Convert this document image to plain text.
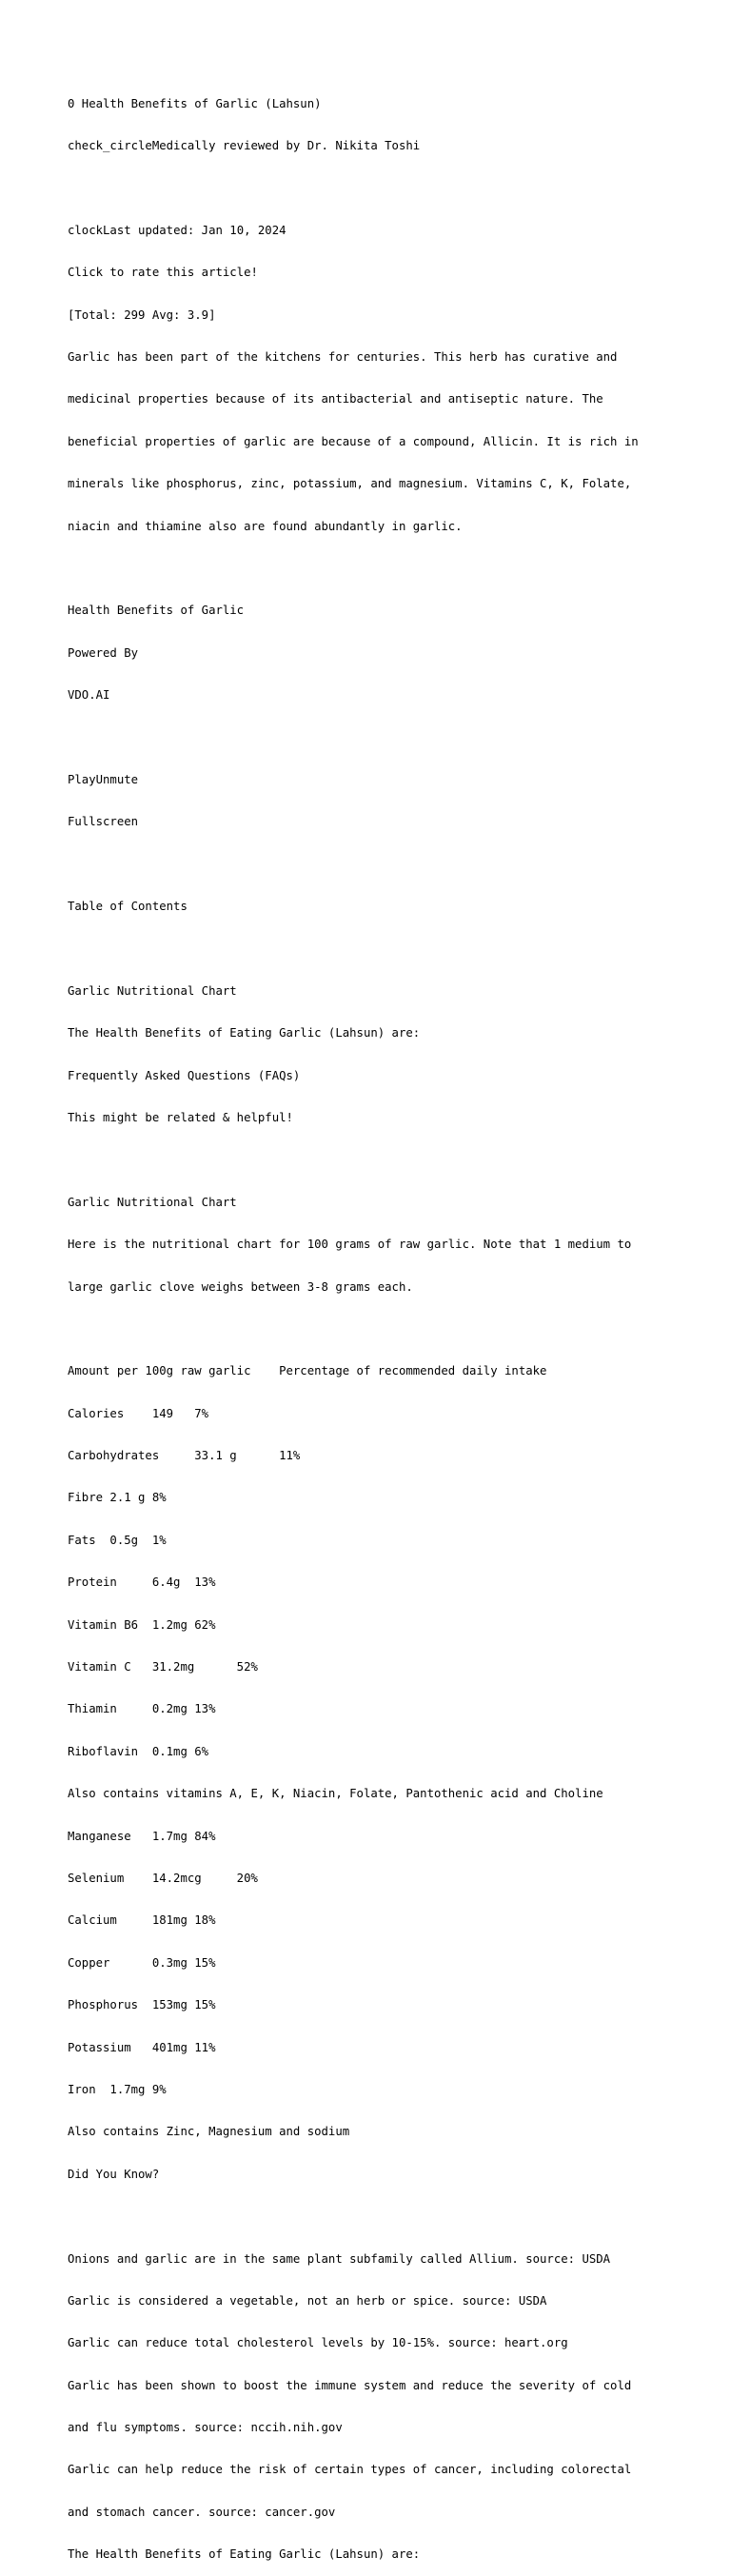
0 Health Benefits of Garlic (Lahsun)

check_circleMedically reviewed by Dr. Nikita Toshi

clockLast updated: Jan 10, 2024

Click to rate this article!

[Total: 299 Avg: 3.9]

Garlic has been part of the kitchens for centuries. This herb has curative and

medicinal properties because of its antibacterial and antiseptic nature. The

beneficial properties of garlic are because of a compound, Allicin. It is rich in

minerals like phosphorus, zinc, potassium, and magnesium. Vitamins C, K, Folate,

niacin and thiamine also are found abundantly in garlic.

Health Benefits of Garlic

Powered By

VDO.AI

PlayUnmute

Fullscreen

Table of Contents

Garlic Nutritional Chart

The Health Benefits of Eating Garlic (Lahsun) are:

Frequently Asked Questions (FAQs)

This might be related & helpful!

Garlic Nutritional Chart

Here is the nutritional chart for 100 grams of raw garlic. Note that 1 medium to

large garlic clove weighs between 3-8 grams each.

Amount per 100g raw garlic    Percentage of recommended daily intake

Calories    149   7%

Carbohydrates     33.1 g      11%

Fibre 2.1 g 8%

Fats  0.5g  1%

Protein     6.4g  13%

Vitamin B6  1.2mg 62%

Vitamin C   31.2mg      52%

Thiamin     0.2mg 13%

Riboflavin  0.1mg 6%

Also contains vitamins A, E, K, Niacin, Folate, Pantothenic acid and Choline

Manganese   1.7mg 84%

Selenium    14.2mcg     20%

Calcium     181mg 18%

Copper      0.3mg 15%

Phosphorus  153mg 15%

Potassium   401mg 11%

Iron  1.7mg 9%

Also contains Zinc, Magnesium and sodium

Did You Know?

Onions and garlic are in the same plant subfamily called Allium. source: USDA

Garlic is considered a vegetable, not an herb or spice. source: USDA

Garlic can reduce total cholesterol levels by 10-15%. source: heart.org

Garlic has been shown to boost the immune system and reduce the severity of cold

and flu symptoms. source: nccih.nih.gov

Garlic can help reduce the risk of certain types of cancer, including colorectal

and stomach cancer. source: cancer.gov

The Health Benefits of Eating Garlic (Lahsun) are:
